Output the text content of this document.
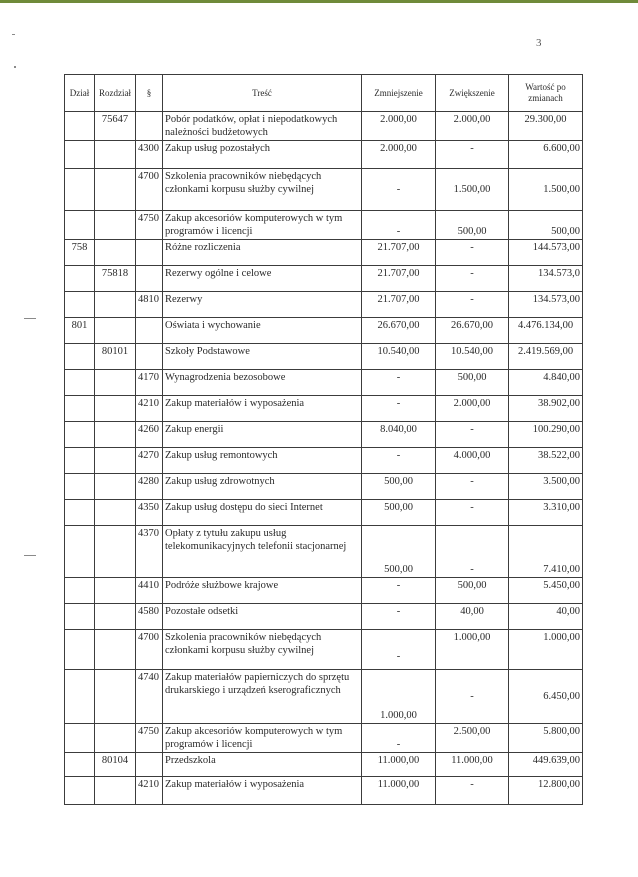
3
Dział	Rozdział	§	Treść	Zmniejszenie	Zwiększenie	Wartość po zmianach
	75647		Pobór podatków, opłat i niepodatkowych należności budżetowych	2.000,00	2.000,00	29.300,00
		4300	Zakup usług pozostałych	2.000,00	-	6.600,00
		4700	Szkolenia pracowników niebędących członkami korpusu służby cywilnej	-	1.500,00	1.500,00
		4750	Zakup akcesoriów komputerowych w tym programów i licencji	-	500,00	500,00
758			Różne rozliczenia	21.707,00	-	144.573,00
	75818		Rezerwy ogólne i celowe	21.707,00	-	134.573,0
		4810	Rezerwy	21.707,00	-	134.573,00
801			Oświata i wychowanie	26.670,00	26.670,00	4.476.134,00
	80101		Szkoły Podstawowe	10.540,00	10.540,00	2.419.569,00
		4170	Wynagrodzenia bezosobowe	-	500,00	4.840,00
		4210	Zakup materiałów i wyposażenia	-	2.000,00	38.902,00
		4260	Zakup energii	8.040,00	-	100.290,00
		4270	Zakup usług remontowych	-	4.000,00	38.522,00
		4280	Zakup usług zdrowotnych	500,00	-	3.500,00
		4350	Zakup usług dostępu do sieci Internet	500,00	-	3.310,00
		4370	Opłaty z tytułu zakupu usług telekomunikacyjnych telefonii stacjonarnej	500,00	-	7.410,00
		4410	Podróże służbowe krajowe	-	500,00	5.450,00
		4580	Pozostałe odsetki	-	40,00	40,00
		4700	Szkolenia pracowników niebędących członkami korpusu służby cywilnej	-	1.000,00	1.000,00
		4740	Zakup materiałów papierniczych do sprzętu drukarskiego i urządzeń kserograficznych	1.000,00	-	6.450,00
		4750	Zakup akcesoriów komputerowych w tym programów i licencji	-	2.500,00	5.800,00
	80104		Przedszkola	11.000,00	11.000,00	449.639,00
		4210	Zakup materiałów i wyposażenia	11.000,00	-	12.800,00
